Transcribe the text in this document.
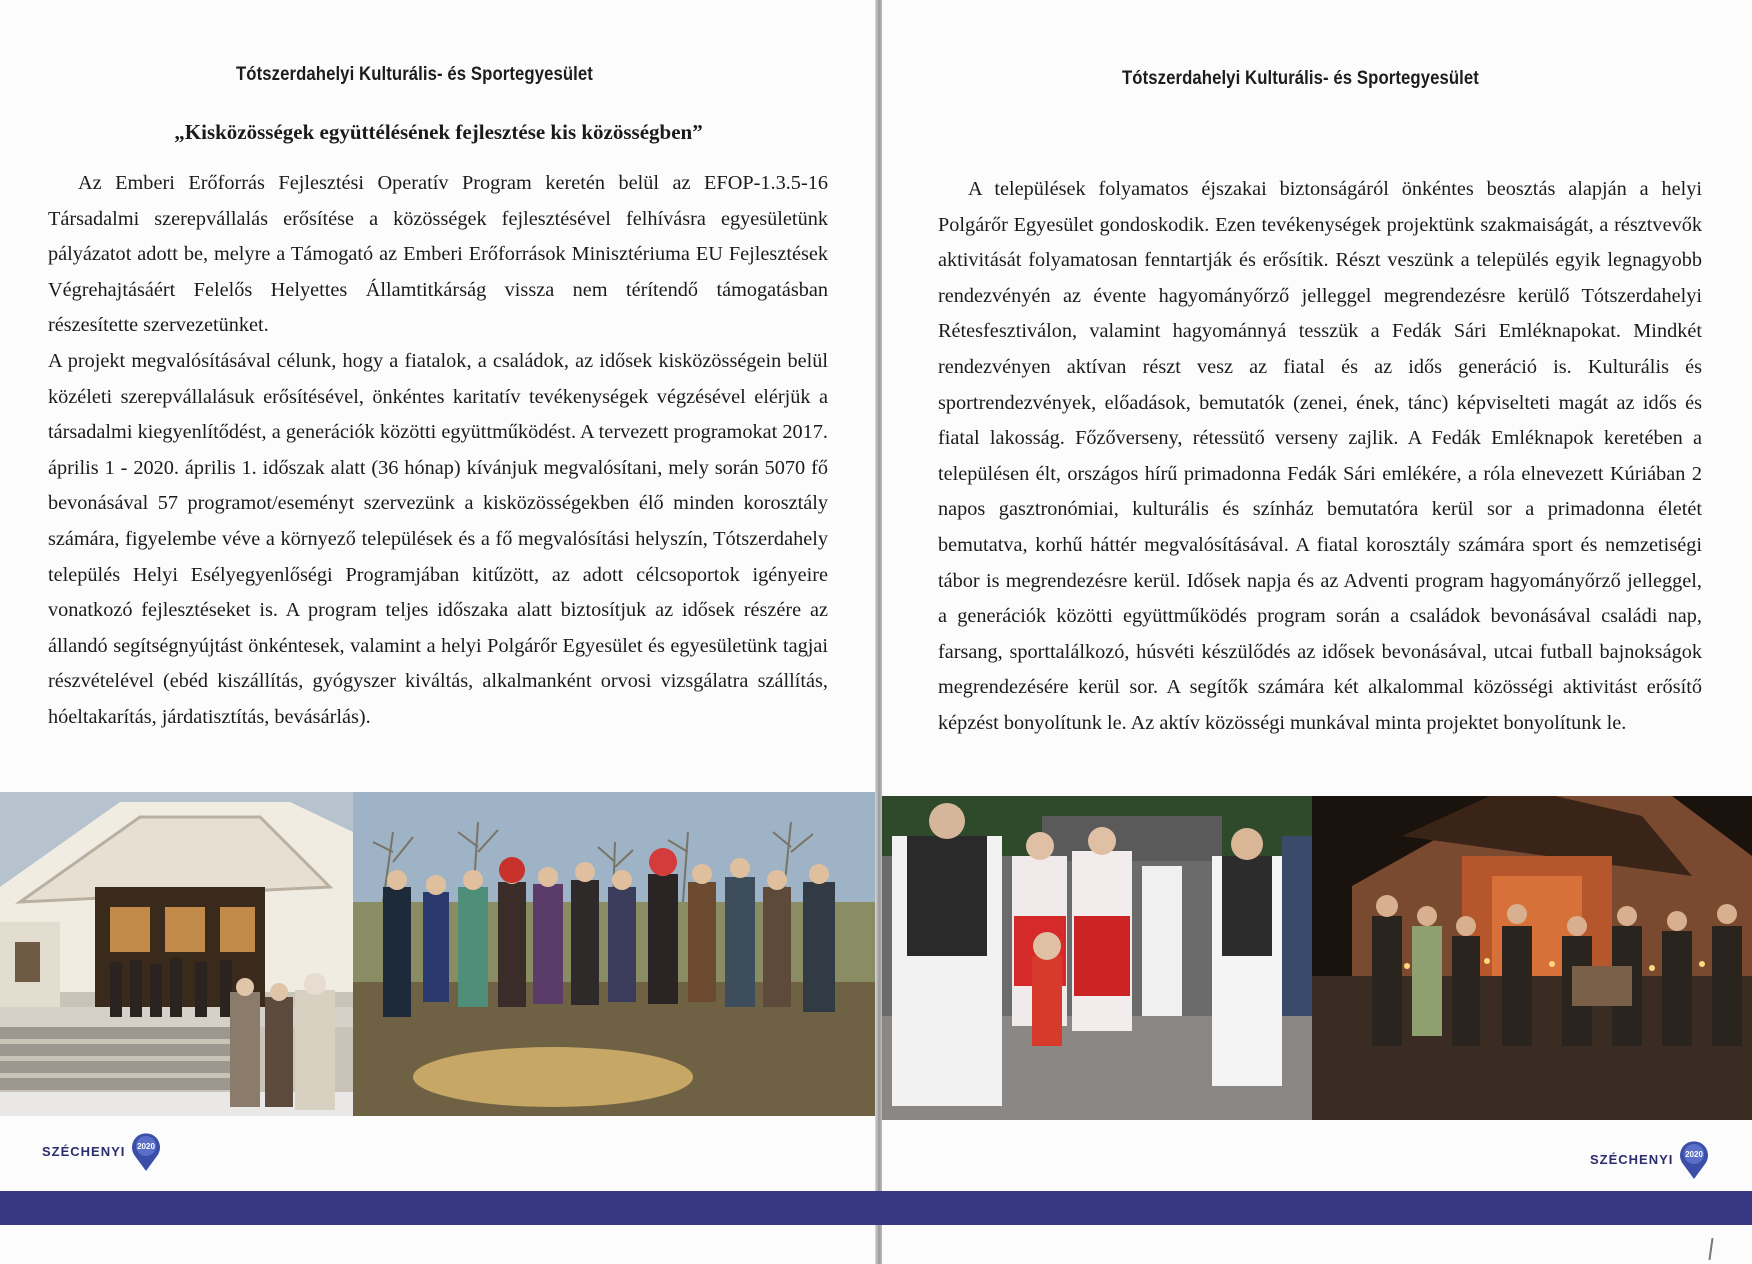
Tótszerdahelyi Kulturális- és Sportegyesület
„Kisközösségek együttélésének fejlesztése kis közösségben”

Az Emberi Erőforrás Fejlesztési Operatív Program keretén belül az EFOP-1.3.5-16 Társadalmi szerepvállalás erősítése a közösségek fejlesztésével felhívásra egyesületünk pályázatot adott be, melyre a Támogató az Emberi Erőforrások Minisztériuma EU Fejlesztések Végrehajtásáért Felelős Helyettes Államtitkárság vissza nem térítendő támogatásban részesítette szervezetünket.

A projekt megvalósításával célunk, hogy a fiatalok, a családok, az idősek kisközösségein belül közéleti szerepvállalásuk erősítésével, önkéntes karitatív tevékenységek végzésével elérjük a társadalmi kiegyenlítődést, a generációk közötti együttműködést. A tervezett programokat 2017. április 1 - 2020. április 1. időszak alatt (36 hónap) kívánjuk megvalósítani, mely során 5070 fő bevonásával 57 programot/eseményt szervezünk a kisközösségekben élő minden korosztály számára, figyelembe véve a környező települések és a fő megvalósítási helyszín, Tótszerdahely település Helyi Esélyegyenlőségi Programjában kitűzött, az adott célcsoportok igényeire vonatkozó fejlesztéseket is. A program teljes időszaka alatt biztosítjuk az idősek részére az állandó segítségnyújtást önkéntesek, valamint a helyi Polgárőr Egyesület és egyesületünk tagjai részvételével (ebéd kiszállítás, gyógyszer kiváltás, alkalmanként orvosi vizsgálatra szállítás, hóeltakarítás, járdatisztítás, bevásárlás).

SZÉCHENYI 2020
Tótszerdahelyi Kulturális- és Sportegyesület

A települések folyamatos éjszakai biztonságáról önkéntes beosztás alapján a helyi Polgárőr Egyesület gondoskodik. Ezen tevékenységek projektünk szakmaiságát, a résztvevők aktivitását folyamatosan fenntartják és erősítik. Részt veszünk a település egyik legnagyobb rendezvényén az évente hagyományőrző jelleggel megrendezésre kerülő Tótszerdahelyi Rétesfesztiválon, valamint hagyománnyá tesszük a Fedák Sári Emléknapokat. Mindkét rendezvényen aktívan részt vesz az fiatal és az idős generáció is. Kulturális és sportrendezvények, előadások, bemutatók (zenei, ének, tánc) képviselteti magát az idős és fiatal lakosság. Főzőverseny, rétessütő verseny zajlik. A Fedák Emléknapok keretében a településen élt, országos hírű primadonna Fedák Sári emlékére, a róla elnevezett Kúriában 2 napos gasztronómiai, kulturális és színház bemutatóra kerül sor a primadonna életét bemutatva, korhű háttér megvalósításával. A fiatal korosztály számára sport és nemzetiségi tábor is megrendezésre kerül. Idősek napja és az Adventi program hagyományőrző jelleggel, a generációk közötti együttműködés program során a családok bevonásával családi nap, farsang, sporttalálkozó, húsvéti készülődés az idősek bevonásával, utcai futball bajnokságok megrendezésére kerül sor. A segítők számára két alkalommal közösségi aktivitást erősítő képzést bonyolítunk le. Az aktív közösségi munkával minta projektet bonyolítunk le.

SZÉCHENYI 2020
